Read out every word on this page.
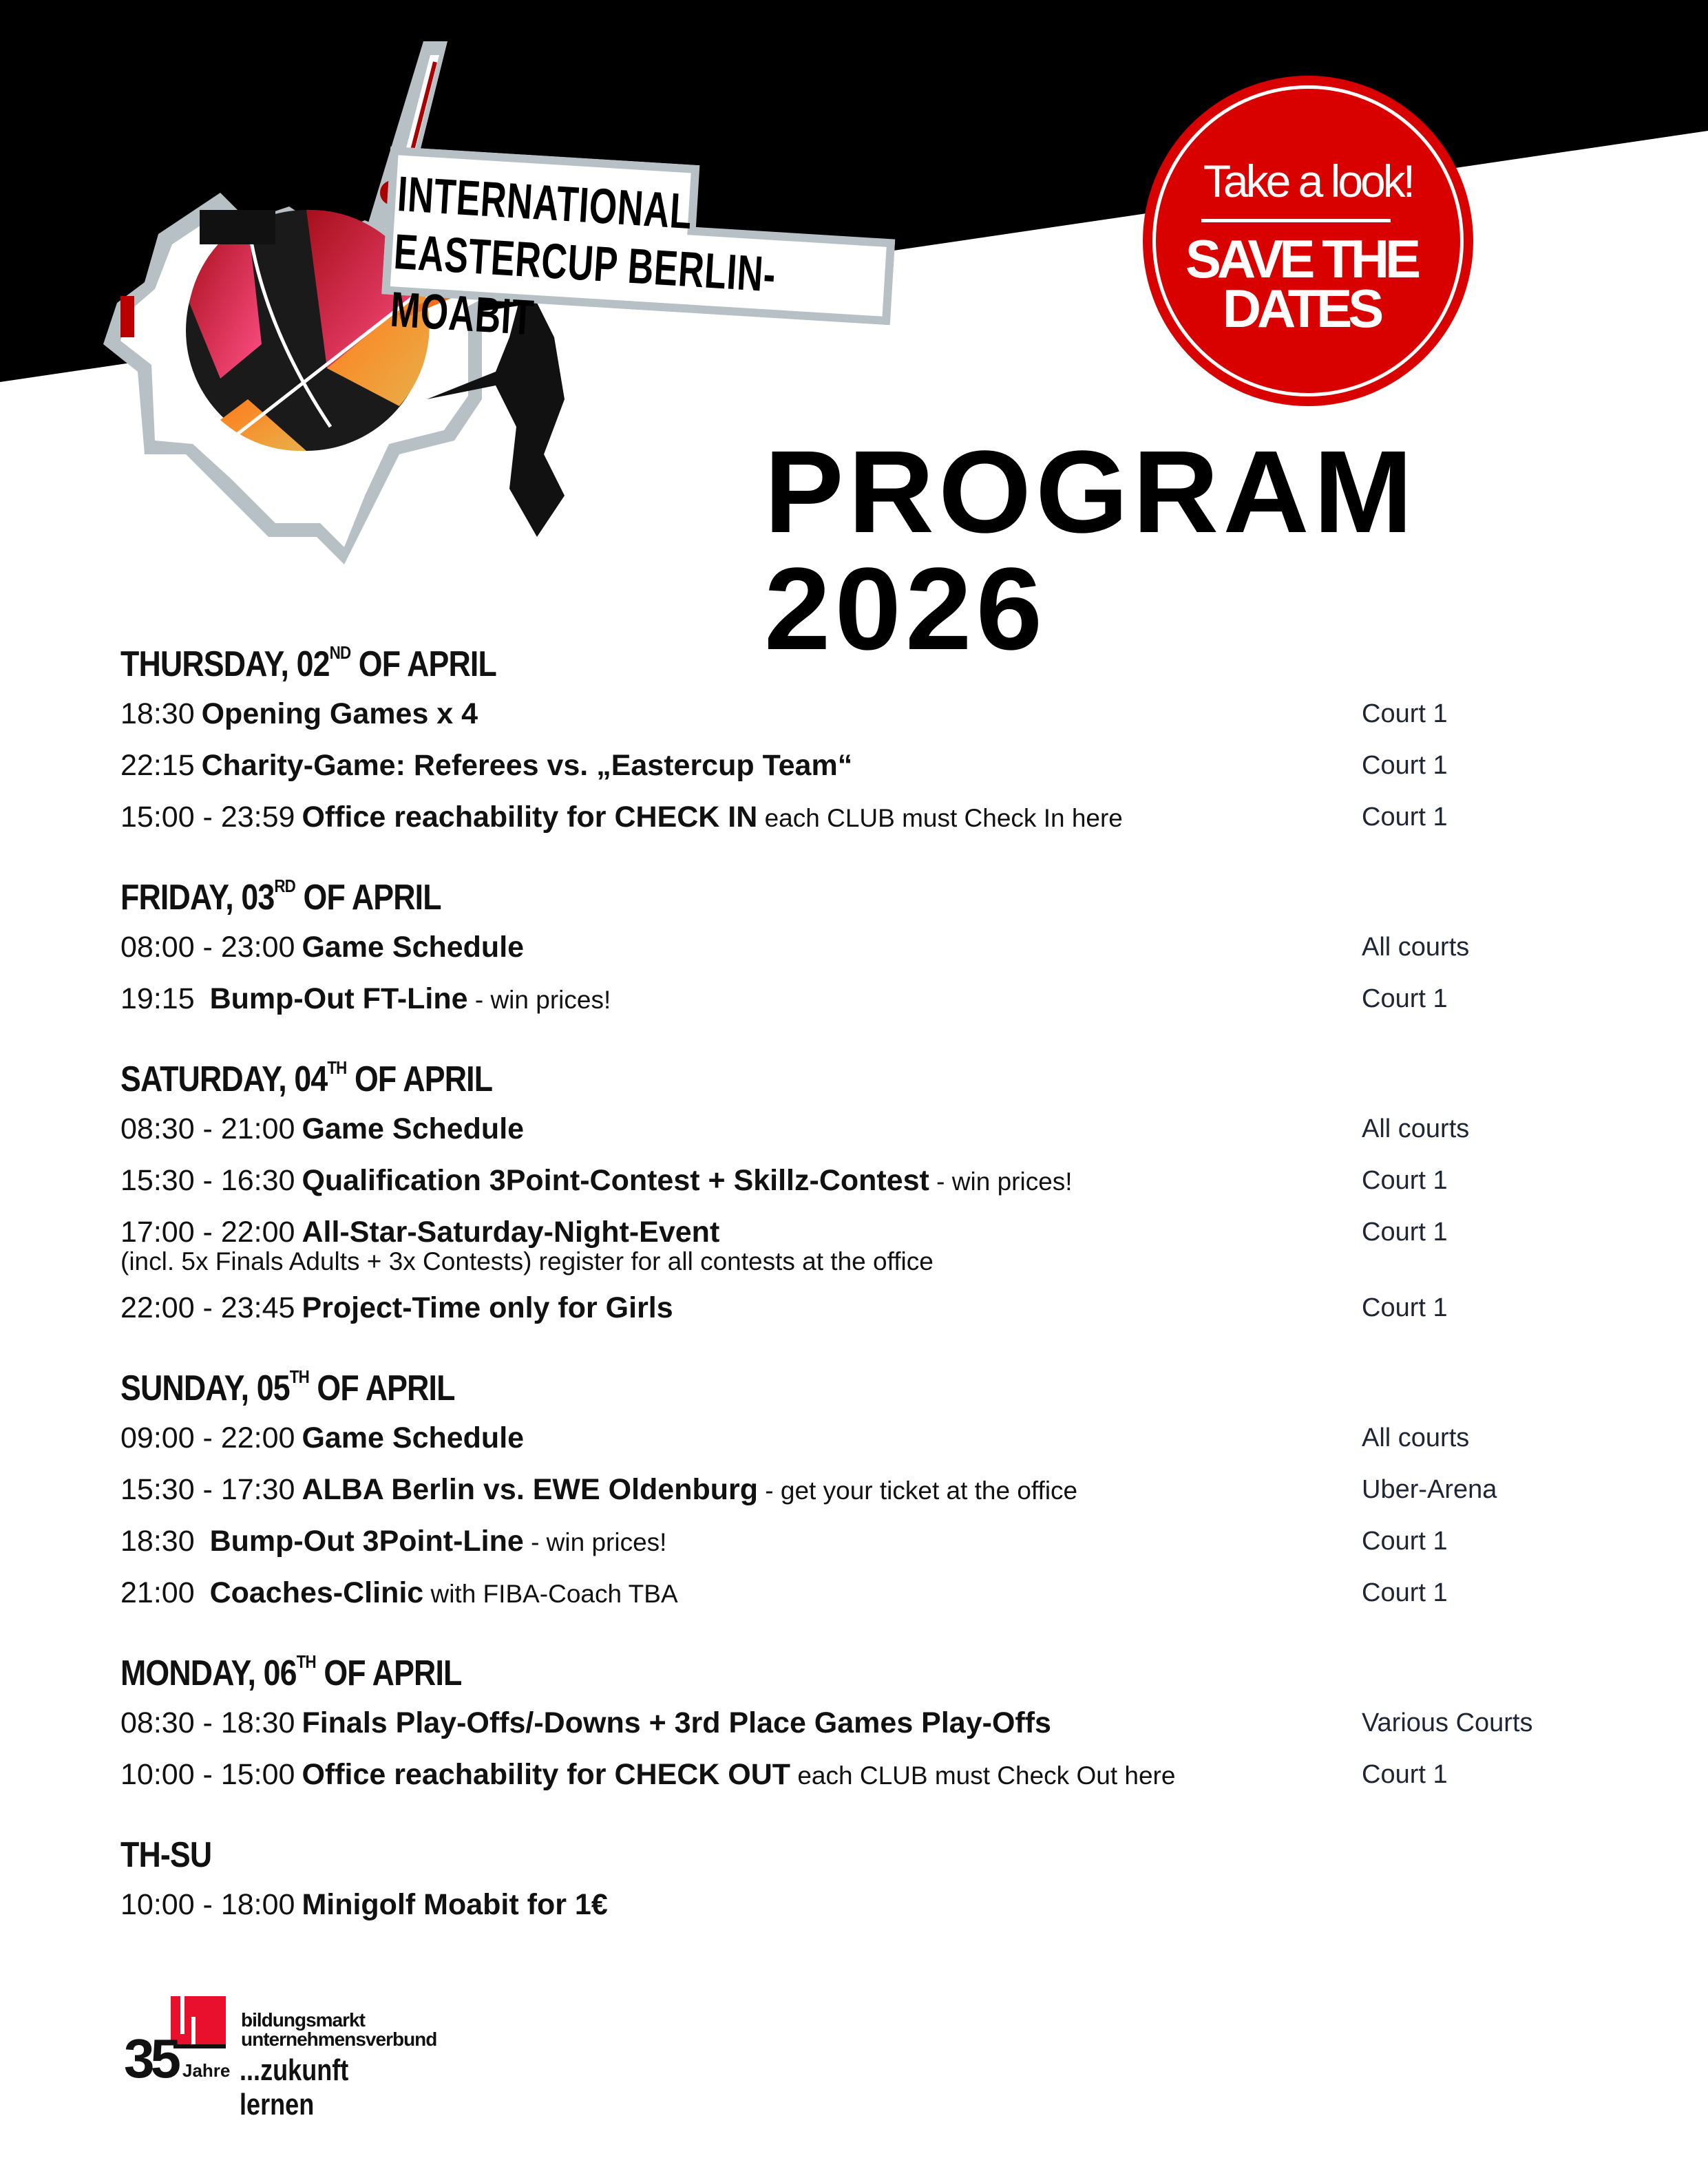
INTERNATIONAL
EASTERCUP BERLIN-MOABIT
Take a look!
SAVE THE
DATES
PROGRAM 2026
THURSDAY, 02ND OF APRIL
18:30 Opening Games x 4	Court 1
22:15 Charity-Game: Referees vs. „Eastercup Team“	Court 1
15:00 - 23:59 Office reachability for CHECK IN each CLUB must Check In here	Court 1
FRIDAY, 03RD OF APRIL
08:00 - 23:00 Game Schedule	All courts
19:15 Bump-Out FT-Line - win prices!	Court 1
SATURDAY, 04TH OF APRIL
08:30 - 21:00 Game Schedule	All courts
15:30 - 16:30 Qualification 3Point-Contest + Skillz-Contest - win prices!	Court 1
17:00 - 22:00 All-Star-Saturday-Night-Event	Court 1
(incl. 5x Finals Adults + 3x Contests) register for all contests at the office
22:00 - 23:45 Project-Time only for Girls	Court 1
SUNDAY, 05TH OF APRIL
09:00 - 22:00 Game Schedule	All courts
15:30 - 17:30 ALBA Berlin vs. EWE Oldenburg - get your ticket at the office	Uber-Arena
18:30 Bump-Out 3Point-Line - win prices!	Court 1
21:00 Coaches-Clinic with FIBA-Coach TBA	Court 1
MONDAY, 06TH OF APRIL
08:30 - 18:30 Finals Play-Offs/-Downs + 3rd Place Games Play-Offs	Various Courts
10:00 - 15:00 Office reachability for CHECK OUT each CLUB must Check Out here	Court 1
TH-SU
10:00 - 18:00 Minigolf Moabit for 1€
35 Jahre
bildungsmarkt
unternehmensverbund
...zukunft lernen
